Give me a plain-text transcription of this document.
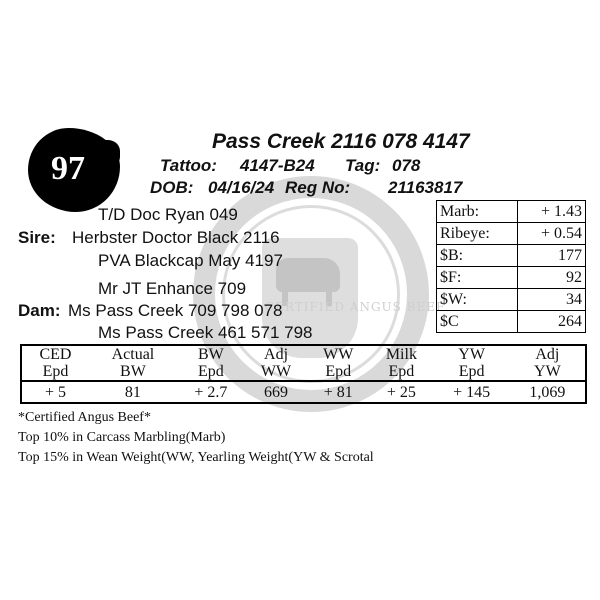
CERTIFIED ANGUS BEEF
97
Pass Creek 2116 078 4147
Tattoo: 4147-B24 Tag: 078
DOB: 04/16/24 Reg No: 21163817
T/D Doc Ryan 049
Sire: Herbster Doctor Black 2116
PVA Blackcap May 4197
Mr JT Enhance 709
Dam: Ms Pass Creek 709 798 078
Ms Pass Creek 461 571 798
Marb:	+ 1.43
Ribeye:	+ 0.54
$B:	177
$F:	92
$W:	34
$C	264
CED	Actual	BW	Adj	WW	Milk	YW	Adj
Epd	BW	Epd	WW	Epd	Epd	Epd	YW
+ 5	81	+ 2.7	669	+ 81	+ 25	+ 145	1,069
*Certified Angus Beef*
Top 10% in Carcass Marbling(Marb)
Top 15% in Wean Weight(WW, Yearling Weight(YW & Scrotal
